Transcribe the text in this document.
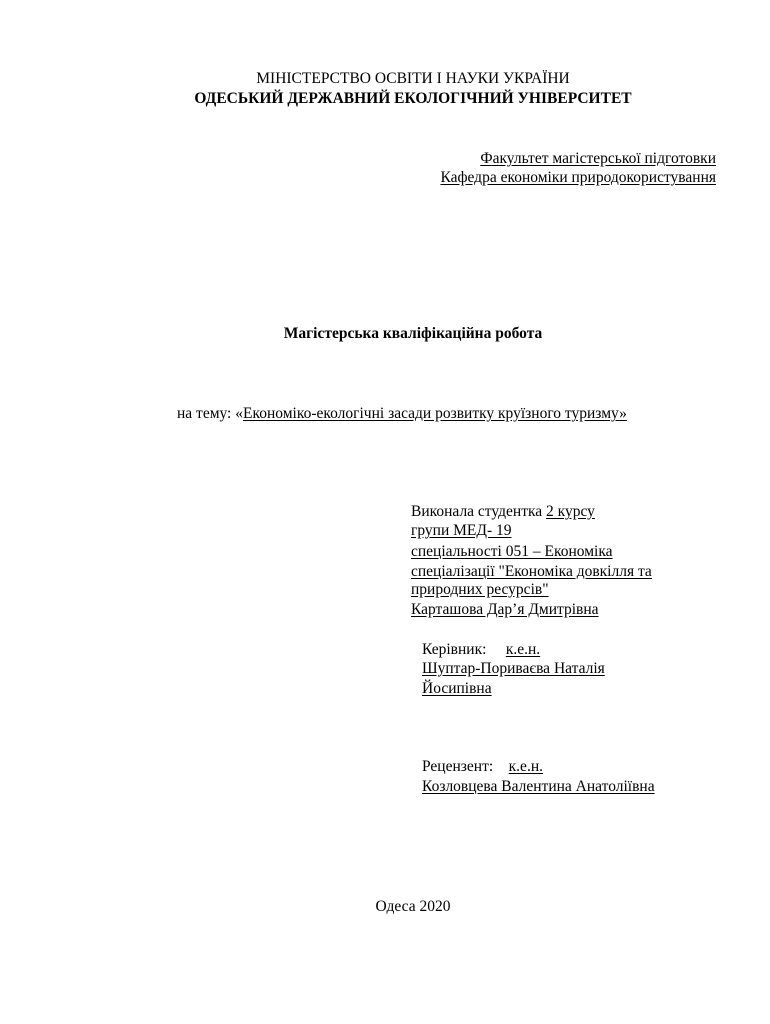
МІНІСТЕРСТВО ОСВІТИ І НАУКИ УКРАЇНИ
ОДЕСЬКИЙ ДЕРЖАВНИЙ ЕКОЛОГІЧНИЙ УНІВЕРСИТЕТ
Факультет магістерської підготовки
Кафедра економіки природокористування
Магістерська кваліфікаційна робота
на тему: «Економіко-екологічні засади розвитку круїзного туризму»
Виконала студентка 2 курсу
групи МЕД- 19
спеціальності 051 – Економіка
спеціалізації "Економіка довкілля та
природних ресурсів"
Карташова Дар’я Дмитрівна
Керівник:     к.е.н.
Шуптар-Пориваєва Наталія
Йосипівна
Рецензент:    к.е.н.
Козловцева Валентина Анатоліївна
Одеса 2020
